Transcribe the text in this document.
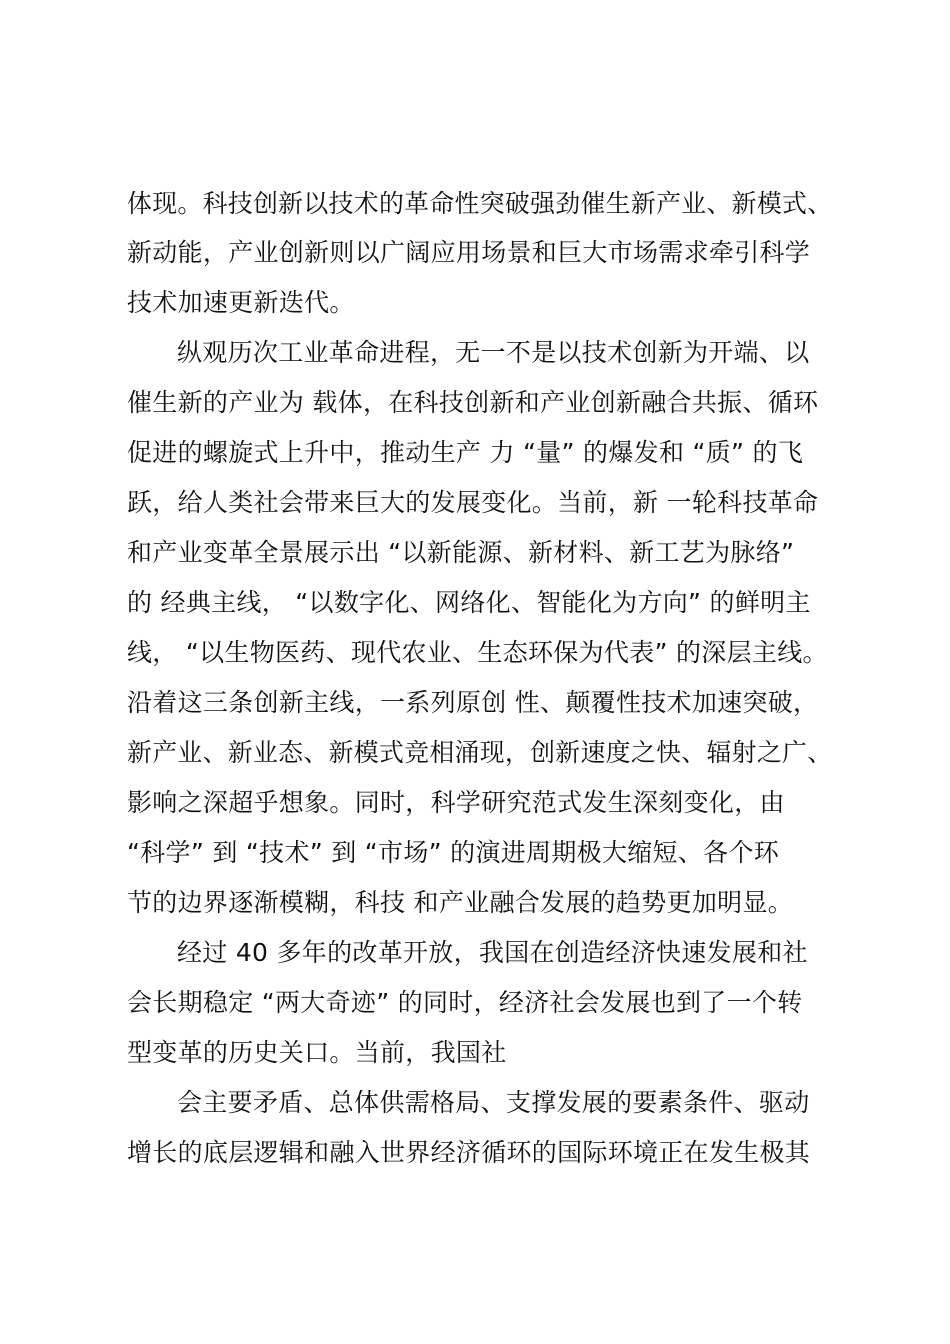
体现。科技创新以技术的革命性突破强劲催生新产业、新模式、
新动能，产业创新则以广阔应用场景和巨大市场需求牵引科学
技术加速更新迭代。
纵观历次工业革命进程，无一不是以技术创新为开端、以
催生新的产业为 载体，在科技创新和产业创新融合共振、循环
促进的螺旋式上升中，推动生产 力 “量” 的爆发和 “质” 的飞
跃，给人类社会带来巨大的发展变化。当前，新 一轮科技革命
和产业变革全景展示出 “以新能源、新材料、新工艺为脉络”
的 经典主线， “以数字化、网络化、智能化为方向” 的鲜明主
线， “以生物医药、现代农业、生态环保为代表” 的深层主线。
沿着这三条创新主线，一系列原创 性、颠覆性技术加速突破，
新产业、新业态、新模式竞相涌现，创新速度之快、辐射之广、
影响之深超乎想象。同时，科学研究范式发生深刻变化，由
“科学” 到 “技术” 到 “市场” 的演进周期极大缩短、各个环
节的边界逐渐模糊，科技 和产业融合发展的趋势更加明显。
经过 40 多年的改革开放，我国在创造经济快速发展和社
会长期稳定 “两大奇迹” 的同时，经济社会发展也到了一个转
型变革的历史关口。当前，我国社
会主要矛盾、总体供需格局、支撑发展的要素条件、驱动
增长的底层逻辑和融入世界经济循环的国际环境正在发生极其
